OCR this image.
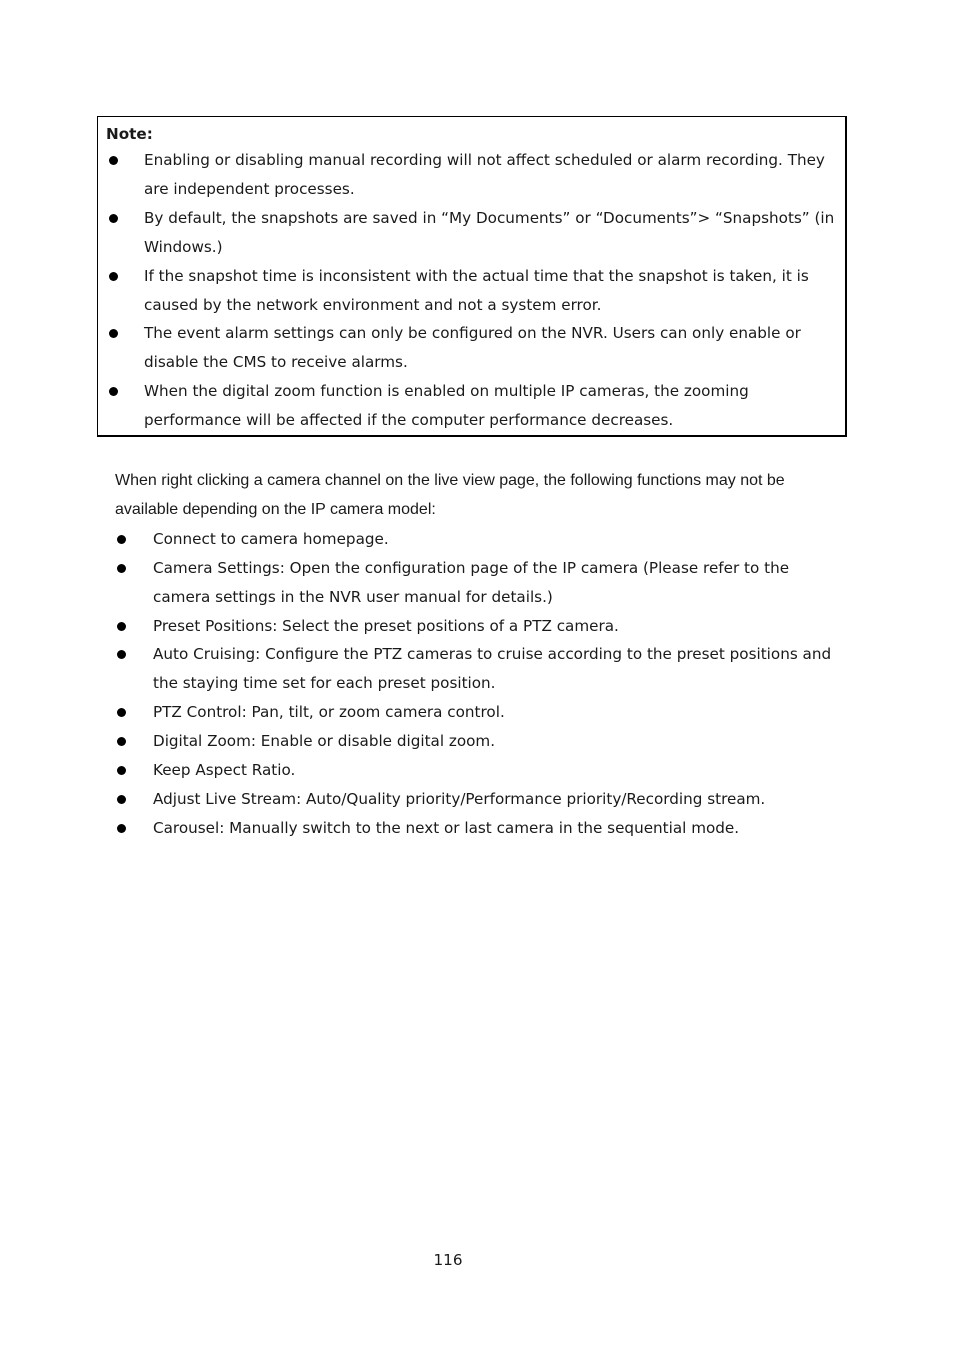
Note:
Enabling or disabling manual recording will not affect scheduled or alarm recording. They are independent processes.
By default, the snapshots are saved in “My Documents” or “Documents”> “Snapshots” (in Windows.)
If the snapshot time is inconsistent with the actual time that the snapshot is taken, it is caused by the network environment and not a system error.
The event alarm settings can only be configured on the NVR. Users can only enable or disable the CMS to receive alarms.
When the digital zoom function is enabled on multiple IP cameras, the zooming performance will be affected if the computer performance decreases.
When right clicking a camera channel on the live view page, the following functions may not be available depending on the IP camera model:
Connect to camera homepage.
Camera Settings: Open the configuration page of the IP camera (Please refer to the camera settings in the NVR user manual for details.)
Preset Positions: Select the preset positions of a PTZ camera.
Auto Cruising: Configure the PTZ cameras to cruise according to the preset positions and the staying time set for each preset position.
PTZ Control: Pan, tilt, or zoom camera control.
Digital Zoom: Enable or disable digital zoom.
Keep Aspect Ratio.
Adjust Live Stream: Auto/Quality priority/Performance priority/Recording stream.
Carousel: Manually switch to the next or last camera in the sequential mode.
116
